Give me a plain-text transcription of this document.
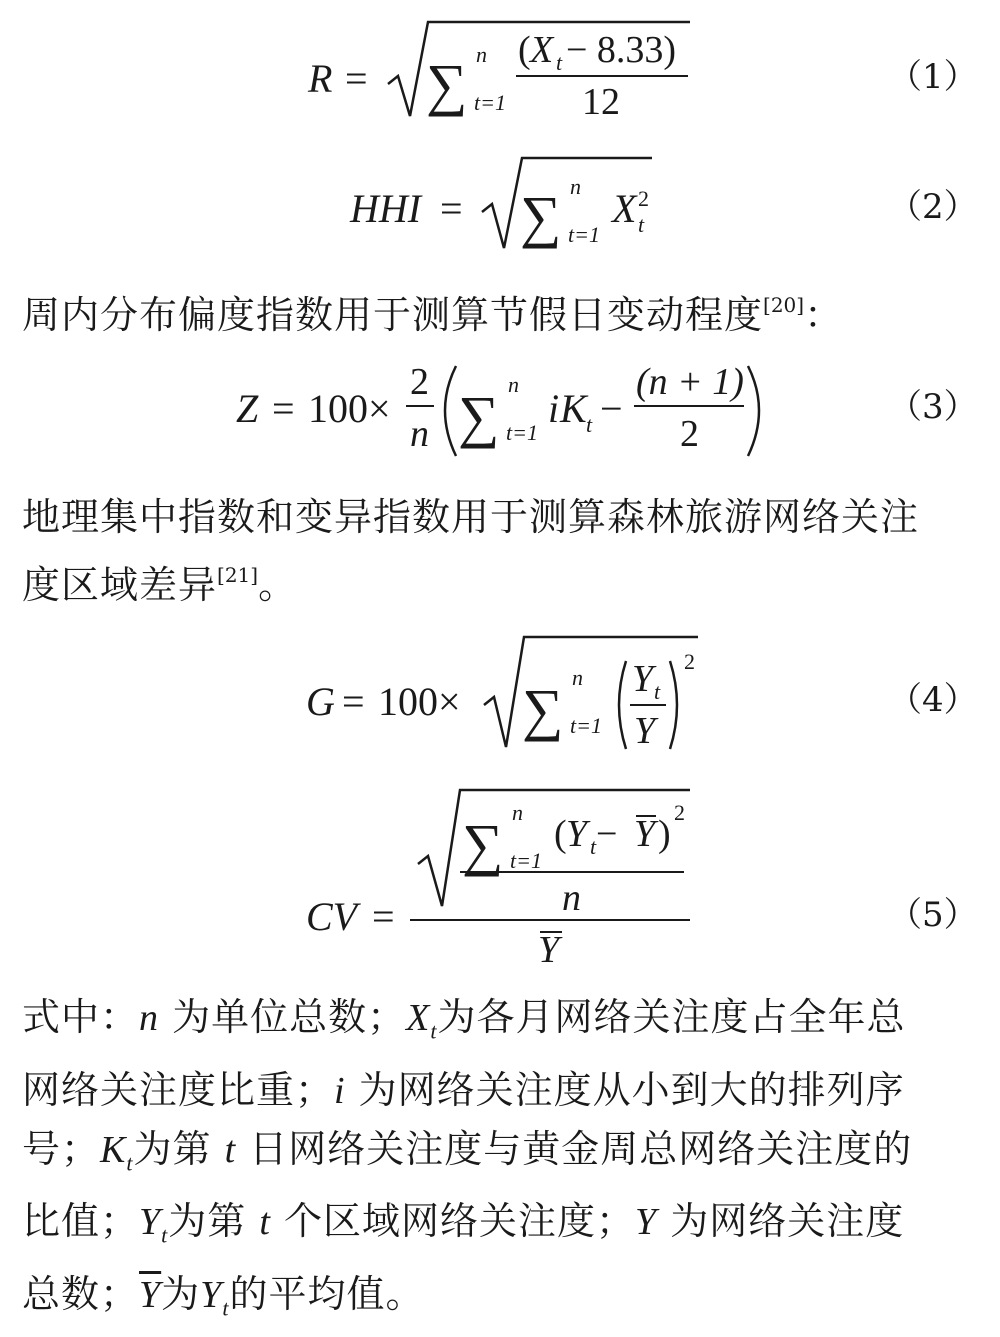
R = ∑ n
t=1
( X t − 8.33)
12
（1）
HHI = ∑ n
t=1
X 2
t	（2）

周内分布偏度指数用于测算节假日变动程度[20]：

Z = 100×
2
n ∑ n
t=1
i K t −
(n + 1)
2
（3）

地理集中指数和变异指数用于测算森林旅游网络关注
度区域差异[21]。

G = 100× ∑ n
t=1
Y t
Y
2
（4）
CV =
∑ n
t=1
( Y t − Y )
2
n
Y
（5）

式中：n 为单位总数；$X_t$为各月网络关注度占全年总
网络关注度比重；i 为网络关注度从小到大的排列序
号；$K_t$为第 t 日网络关注度与黄金周总网络关注度的
比值；$Y_t$为第 t 个区域网络关注度；Y 为网络关注度
总数；$\overline{Y}$为$Y_t$的平均值。
